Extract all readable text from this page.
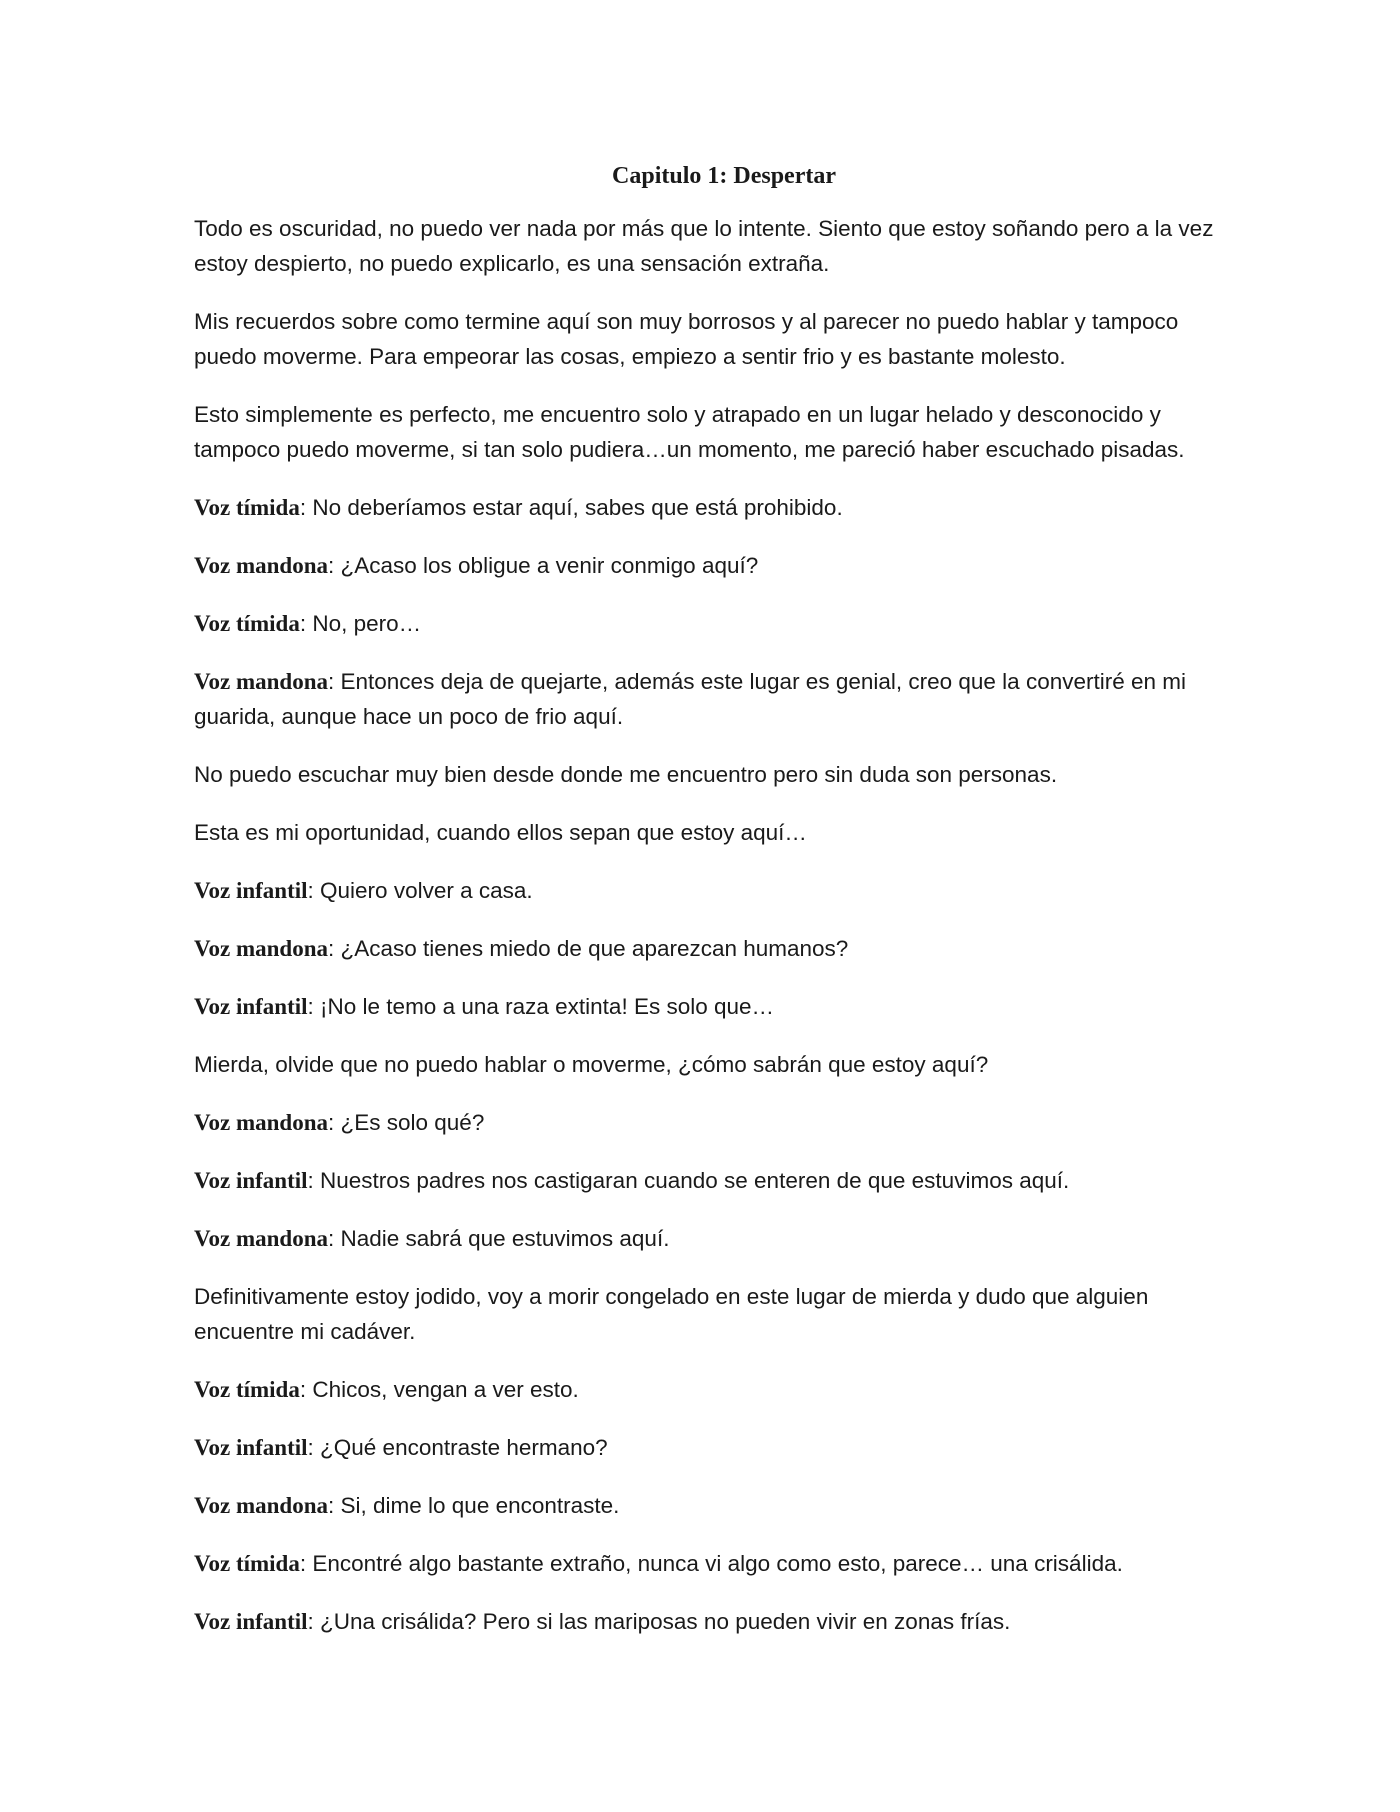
Capitulo 1: Despertar

Todo es oscuridad, no puedo ver nada por más que lo intente. Siento que estoy soñando pero a la vez estoy despierto, no puedo explicarlo, es una sensación extraña.

Mis recuerdos sobre como termine aquí son muy borrosos y al parecer no puedo hablar y tampoco puedo moverme. Para empeorar las cosas, empiezo a sentir frio y es bastante molesto.

Esto simplemente es perfecto, me encuentro solo y atrapado en un lugar helado y desconocido y tampoco puedo moverme, si tan solo pudiera…un momento, me pareció haber escuchado pisadas.

Voz tímida: No deberíamos estar aquí, sabes que está prohibido.

Voz mandona: ¿Acaso los obligue a venir conmigo aquí?

Voz tímida: No, pero…

Voz mandona: Entonces deja de quejarte, además este lugar es genial, creo que la convertiré en mi guarida, aunque hace un poco de frio aquí.

No puedo escuchar muy bien desde donde me encuentro pero sin duda son personas.

Esta es mi oportunidad, cuando ellos sepan que estoy aquí…

Voz infantil: Quiero volver a casa.

Voz mandona: ¿Acaso tienes miedo de que aparezcan humanos?

Voz infantil: ¡No le temo a una raza extinta! Es solo que…

Mierda, olvide que no puedo hablar o moverme, ¿cómo sabrán que estoy aquí?

Voz mandona: ¿Es solo qué?

Voz infantil: Nuestros padres nos castigaran cuando se enteren de que estuvimos aquí.

Voz mandona: Nadie sabrá que estuvimos aquí.

Definitivamente estoy jodido, voy a morir congelado en este lugar de mierda y dudo que alguien encuentre mi cadáver.

Voz tímida: Chicos, vengan a ver esto.

Voz infantil: ¿Qué encontraste hermano?

Voz mandona: Si, dime lo que encontraste.

Voz tímida: Encontré algo bastante extraño, nunca vi algo como esto, parece… una crisálida.

Voz infantil: ¿Una crisálida? Pero si las mariposas no pueden vivir en zonas frías.
